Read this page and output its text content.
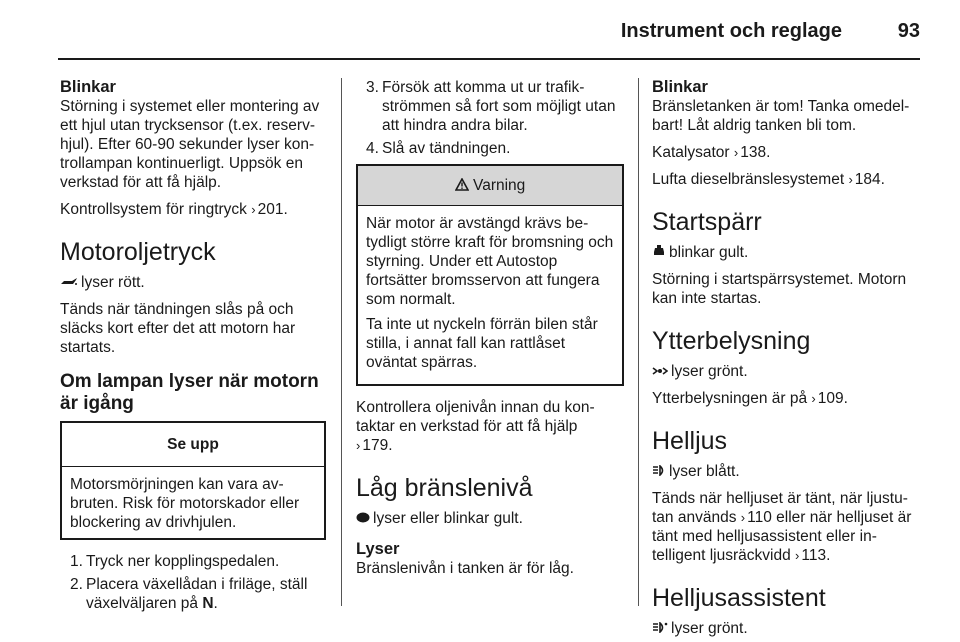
Instrument och reglage	93
Blinkar
Störning i systemet eller montering av ett hjul utan trycksensor (t.ex. reservhjul). Efter 60-90 sekunder lyser kontrollampan kontinuerligt. Uppsök en verkstad för att få hjälp.
Kontrollsystem för ringtryck › 201.
Motoroljetryck
lyser rött.
Tänds när tändningen slås på och släcks kort efter det att motorn har startats.
Om lampan lyser när motorn är igång
Se upp
Motorsmörjningen kan vara avbruten. Risk för motorskador eller blockering av drivhjulen.
1. Tryck ner kopplingspedalen.
2. Placera växellådan i friläge, ställ växelväljaren på N.
3. Försök att komma ut ur trafikströmmen så fort som möjligt utan att hindra andra bilar.
4. Slå av tändningen.
Varning
När motor är avstängd krävs betydligt större kraft för bromsning och styrning. Under ett Autostop fortsätter bromsservon att fungera som normalt.
Ta inte ut nyckeln förrän bilen står stilla, i annat fall kan rattlåset oväntat spärras.
Kontrollera oljenivån innan du kontaktar en verkstad för att få hjälp
› 179.
Låg bränslenivå
lyser eller blinkar gult.
Lyser
Bränslenivån i tanken är för låg.
Blinkar
Bränsletanken är tom! Tanka omedelbart! Låt aldrig tanken bli tom.
Katalysator › 138.
Lufta dieselbränslesystemet › 184.
Startspärr
blinkar gult.
Störning i startspärrsystemet. Motorn kan inte startas.
Ytterbelysning
lyser grönt.
Ytterbelysningen är på › 109.
Helljus
lyser blått.
Tänds när helljuset är tänt, när ljustutan används › 110 eller när helljuset är tänt med helljusassistent eller intelligent ljusräckvidd › 113.
Helljusassistent
lyser grönt.
